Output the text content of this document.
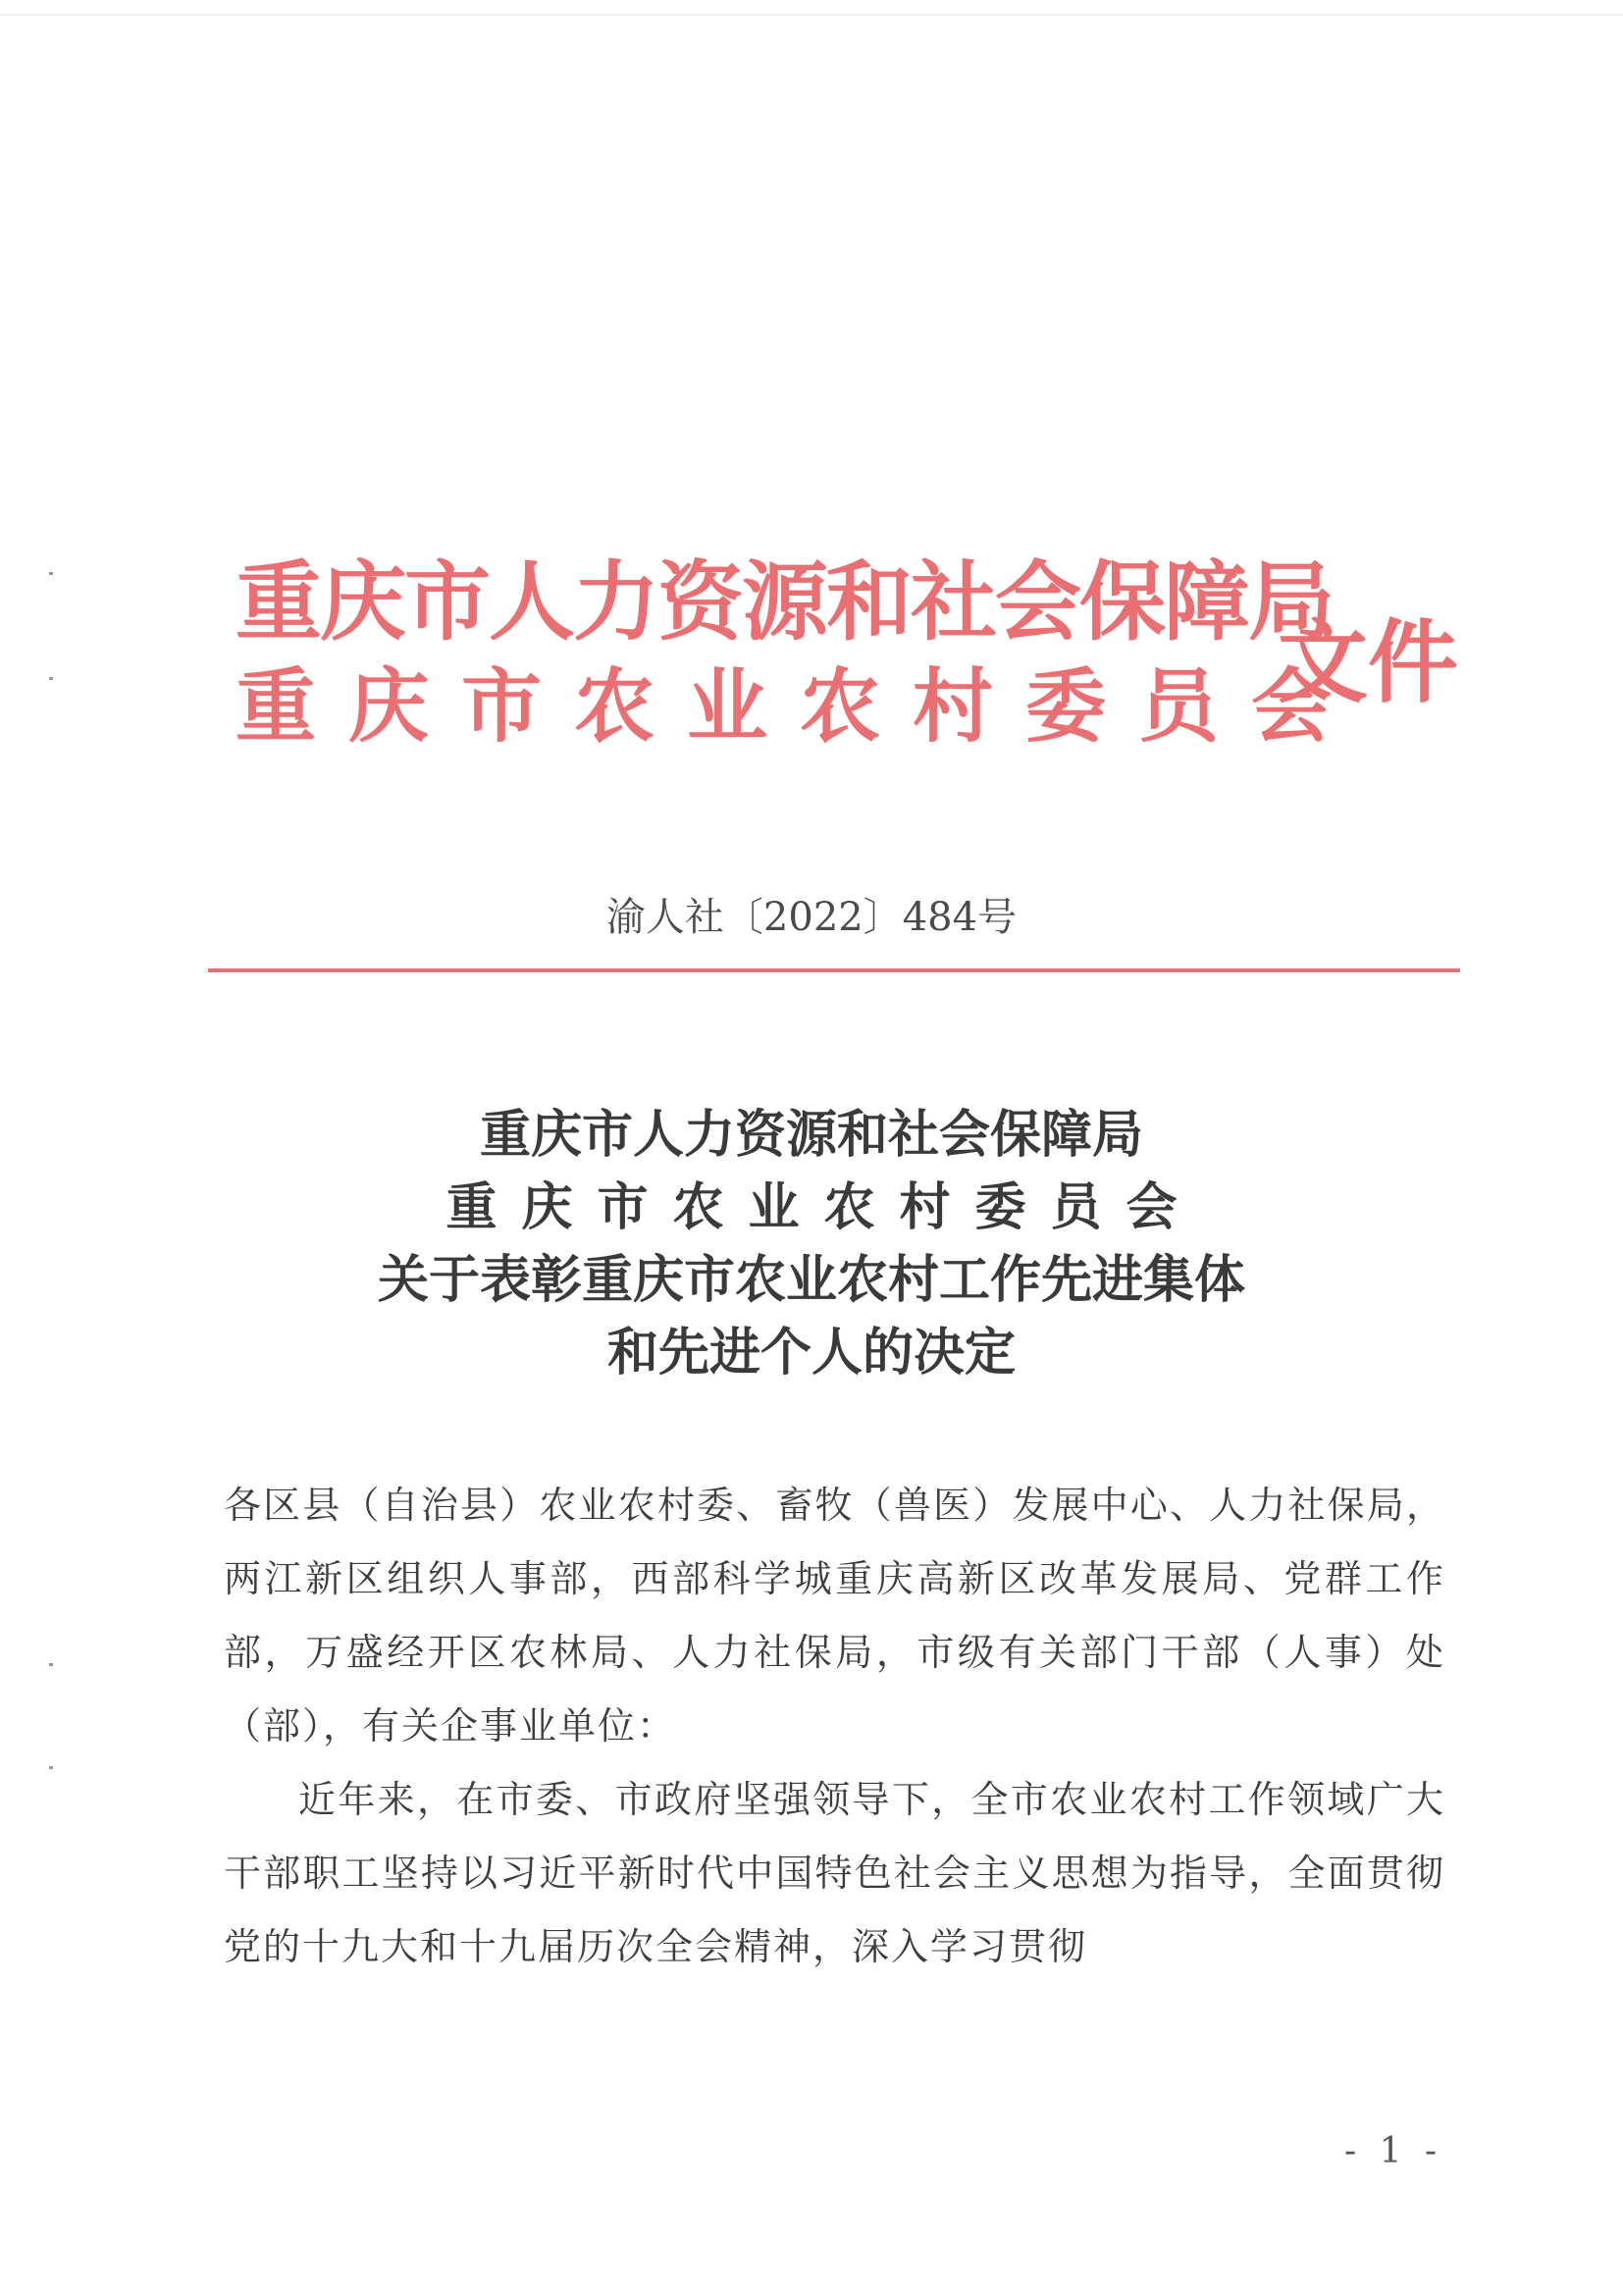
重庆市人力资源和社会保障局
重庆市农业农村委员会
文件
渝人社〔2022〕484号
重庆市人力资源和社会保障局
重庆市农业农村委员会
关于表彰重庆市农业农村工作先进集体
和先进个人的决定

各区县（自治县）农业农村委、畜牧（兽医）发展中心、人力社保局，两江新区组织人事部，西部科学城重庆高新区改革发展局、党群工作部，万盛经开区农林局、人力社保局，市级有关部门干部（人事）处（部），有关企事业单位：

近年来，在市委、市政府坚强领导下，全市农业农村工作领域广大干部职工坚持以习近平新时代中国特色社会主义思想为指导，全面贯彻党的十九大和十九届历次全会精神，深入学习贯彻

- 1 -
